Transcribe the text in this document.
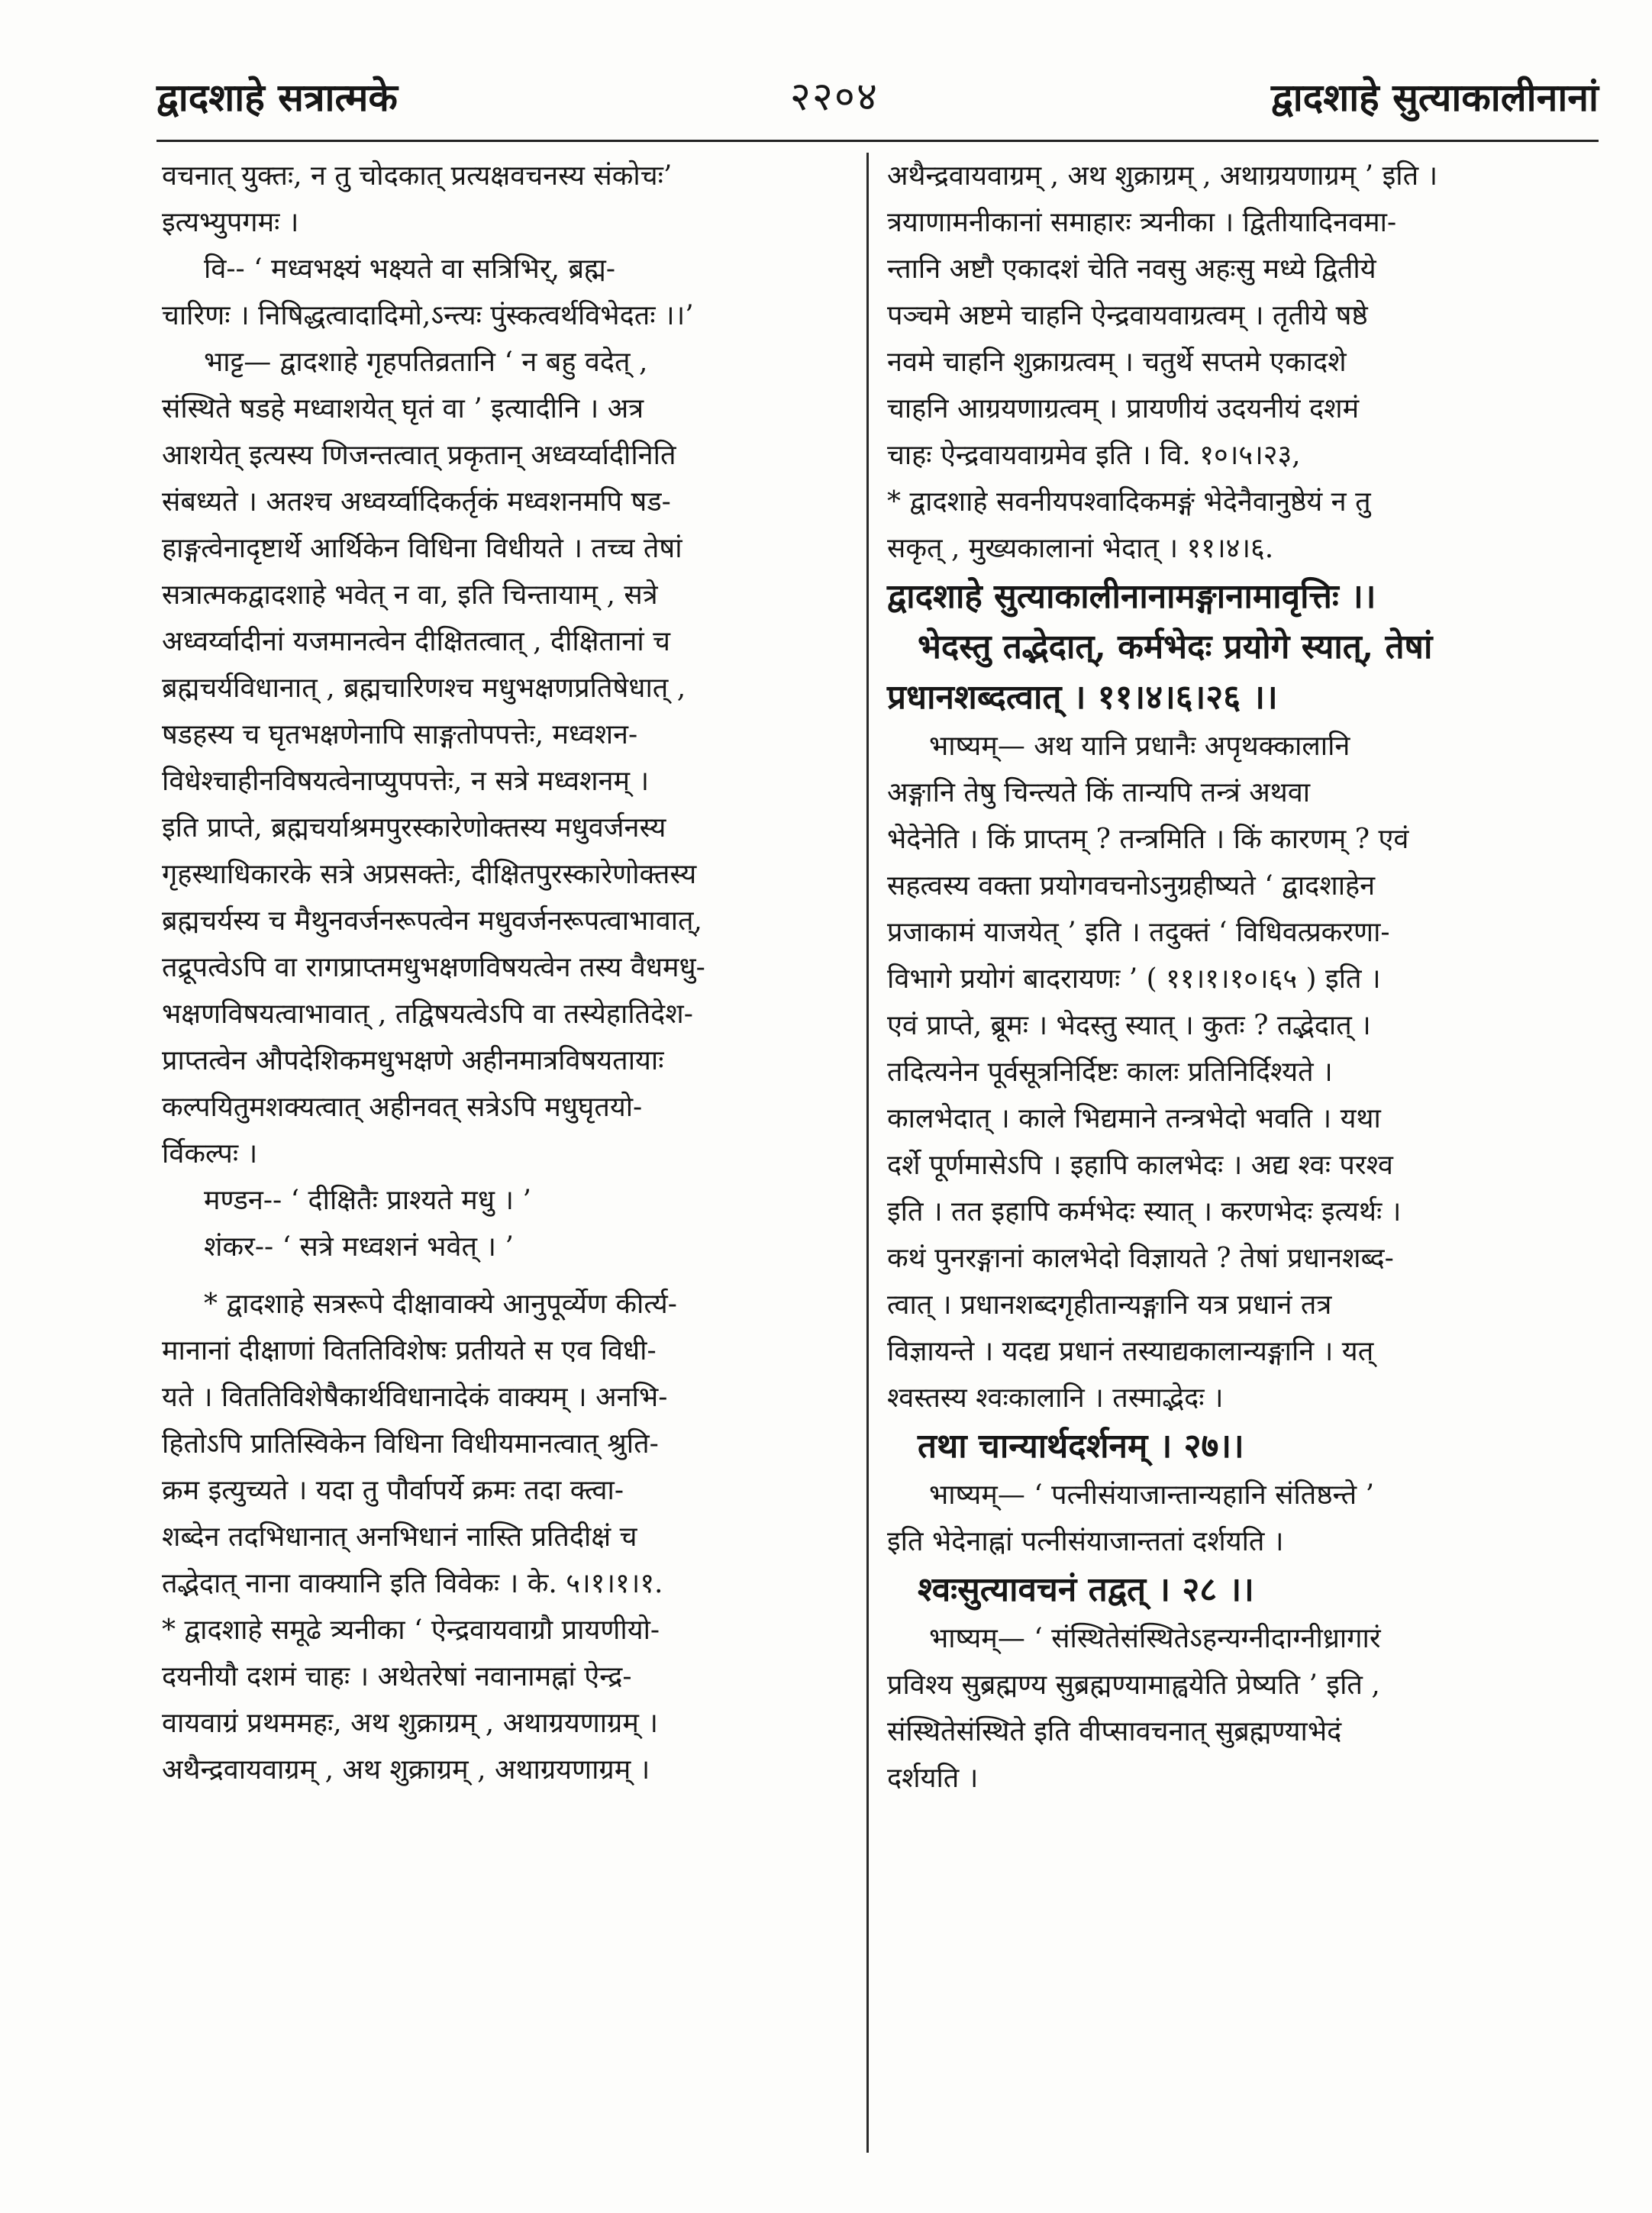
द्वादशाहे सत्रात्मके	२२०४	द्वादशाहे सुत्याकालीनानां

वचनात् युक्तः, न तु चोदकात् प्रत्यक्षवचनस्य संकोचः’

इत्यभ्युपगमः ।

वि-- ‘ मध्वभक्ष्यं भक्ष्यते वा सत्रिभिर्, ब्रह्म-

चारिणः । निषिद्धत्वादादिमो,ऽन्त्यः पुंस्कत्वर्थविभेदतः ।।’

भाट्ट— द्वादशाहे गृहपतिव्रतानि ‘ न बहु वदेत् ,

संस्थिते षडहे मध्वाशयेत् घृतं वा ’ इत्यादीनि । अत्र

आशयेत् इत्यस्य णिजन्तत्वात् प्रकृतान् अध्वर्य्वादीनिति

संबध्यते । अतश्च अध्वर्य्वादिकर्तृकं मध्वशनमपि षड-

हाङ्गत्वेनादृष्टार्थे आर्थिकेन विधिना विधीयते । तच्च तेषां

सत्रात्मकद्वादशाहे भवेत् न वा, इति चिन्तायाम् , सत्रे

अध्वर्य्वादीनां यजमानत्वेन दीक्षितत्वात् , दीक्षितानां च

ब्रह्मचर्यविधानात् , ब्रह्मचारिणश्च मधुभक्षणप्रतिषेधात् ,

षडहस्य च घृतभक्षणेनापि साङ्गतोपपत्तेः, मध्वशन-

विधेश्चाहीनविषयत्वेनाप्युपपत्तेः, न सत्रे मध्वशनम् ।

इति प्राप्ते, ब्रह्मचर्याश्रमपुरस्कारेणोक्तस्य मधुवर्जनस्य

गृहस्थाधिकारके सत्रे अप्रसक्तेः, दीक्षितपुरस्कारेणोक्तस्य

ब्रह्मचर्यस्य च मैथुनवर्जनरूपत्वेन मधुवर्जनरूपत्वाभावात्,

तद्रूपत्वेऽपि वा रागप्राप्तमधुभक्षणविषयत्वेन तस्य वैधमधु-

भक्षणविषयत्वाभावात् , तद्विषयत्वेऽपि वा तस्येहातिदेश-

प्राप्तत्वेन औपदेशिकमधुभक्षणे अहीनमात्रविषयतायाः

कल्पयितुमशक्यत्वात् अहीनवत् सत्रेऽपि मधुघृतयो-

र्विकल्पः ।

मण्डन-- ‘ दीक्षितैः प्राश्यते मधु । ’

शंकर-- ‘ सत्रे मध्वशनं भवेत् । ’

* द्वादशाहे सत्ररूपे दीक्षावाक्ये आनुपूर्व्येण कीर्त्य-

मानानां दीक्षाणां विततिविशेषः प्रतीयते स एव विधी-

यते । विततिविशेषैकार्थविधानादेकं वाक्यम् । अनभि-

हितोऽपि प्रातिस्विकेन विधिना विधीयमानत्वात् श्रुति-

क्रम इत्युच्यते । यदा तु पौर्वापर्ये क्रमः तदा क्त्वा-

शब्देन तदभिधानात् अनभिधानं नास्ति प्रतिदीक्षं च

तद्भेदात् नाना वाक्यानि इति विवेकः । के. ५।१।१।१.

* द्वादशाहे समूढे त्र्यनीका ‘ ऐन्द्रवायवाग्रौ प्रायणीयो-

दयनीयौ दशमं चाहः । अथेतरेषां नवानामह्नां ऐन्द्र-

वायवाग्रं प्रथममहः, अथ शुक्राग्रम् , अथाग्रयणाग्रम् ।

अथैन्द्रवायवाग्रम् , अथ शुक्राग्रम् , अथाग्रयणाग्रम् ।

अथैन्द्रवायवाग्रम् , अथ शुक्राग्रम् , अथाग्रयणाग्रम् ’ इति ।

त्रयाणामनीकानां समाहारः त्र्यनीका । द्वितीयादिनवमा-

न्तानि अष्टौ एकादशं चेति नवसु अहःसु मध्ये द्वितीये

पञ्चमे अष्टमे चाहनि ऐन्द्रवायवाग्रत्वम् । तृतीये षष्ठे

नवमे चाहनि शुक्राग्रत्वम् । चतुर्थे सप्तमे एकादशे

चाहनि आग्रयणाग्रत्वम् । प्रायणीयं उदयनीयं दशमं

चाहः ऐन्द्रवायवाग्रमेव इति । वि. १०।५।२३,

* द्वादशाहे सवनीयपश्वादिकमङ्गं भेदेनैवानुष्ठेयं न तु

सकृत् , मुख्यकालानां भेदात् । ११।४।६.

द्वादशाहे सुत्याकालीनानामङ्गानामावृत्तिः ।।

भेदस्तु तद्भेदात्, कर्मभेदः प्रयोगे स्यात्, तेषां

प्रधानशब्दत्वात् । ११।४।६।२६ ।।

भाष्यम्— अथ यानि प्रधानैः अपृथक्कालानि

अङ्गानि तेषु चिन्त्यते किं तान्यपि तन्त्रं अथवा

भेदेनेति । किं प्राप्तम् ? तन्त्रमिति । किं कारणम् ? एवं

सहत्वस्य वक्ता प्रयोगवचनोऽनुग्रहीष्यते ‘ द्वादशाहेन

प्रजाकामं याजयेत् ’ इति । तदुक्तं ‘ विधिवत्प्रकरणा-

विभागे प्रयोगं बादरायणः ’ ( ११।१।१०।६५ ) इति ।

एवं प्राप्ते, ब्रूमः । भेदस्तु स्यात् । कुतः ? तद्भेदात् ।

तदित्यनेन पूर्वसूत्रनिर्दिष्टः कालः प्रतिनिर्दिश्यते ।

कालभेदात् । काले भिद्यमाने तन्त्रभेदो भवति । यथा

दर्शे पूर्णमासेऽपि । इहापि कालभेदः । अद्य श्वः परश्व

इति । तत इहापि कर्मभेदः स्यात् । करणभेदः इत्यर्थः ।

कथं पुनरङ्गानां कालभेदो विज्ञायते ? तेषां प्रधानशब्द-

त्वात् । प्रधानशब्दगृहीतान्यङ्गानि यत्र प्रधानं तत्र

विज्ञायन्ते । यदद्य प्रधानं तस्याद्यकालान्यङ्गानि । यत्

श्वस्तस्य श्वःकालानि । तस्माद्भेदः ।

तथा चान्यार्थदर्शनम् । २७।।

भाष्यम्— ‘ पत्नीसंयाजान्तान्यहानि संतिष्ठन्ते ’

इति भेदेनाह्नां पत्नीसंयाजान्ततां दर्शयति ।

श्वःसुत्यावचनं तद्वत् । २८ ।।

भाष्यम्— ‘ संस्थितेसंस्थितेऽहन्यग्नीदाग्नीध्रागारं

प्रविश्य सुब्रह्मण्य सुब्रह्मण्यामाह्वयेति प्रेष्यति ’ इति ,

संस्थितेसंस्थिते इति वीप्सावचनात् सुब्रह्मण्याभेदं

दर्शयति ।
